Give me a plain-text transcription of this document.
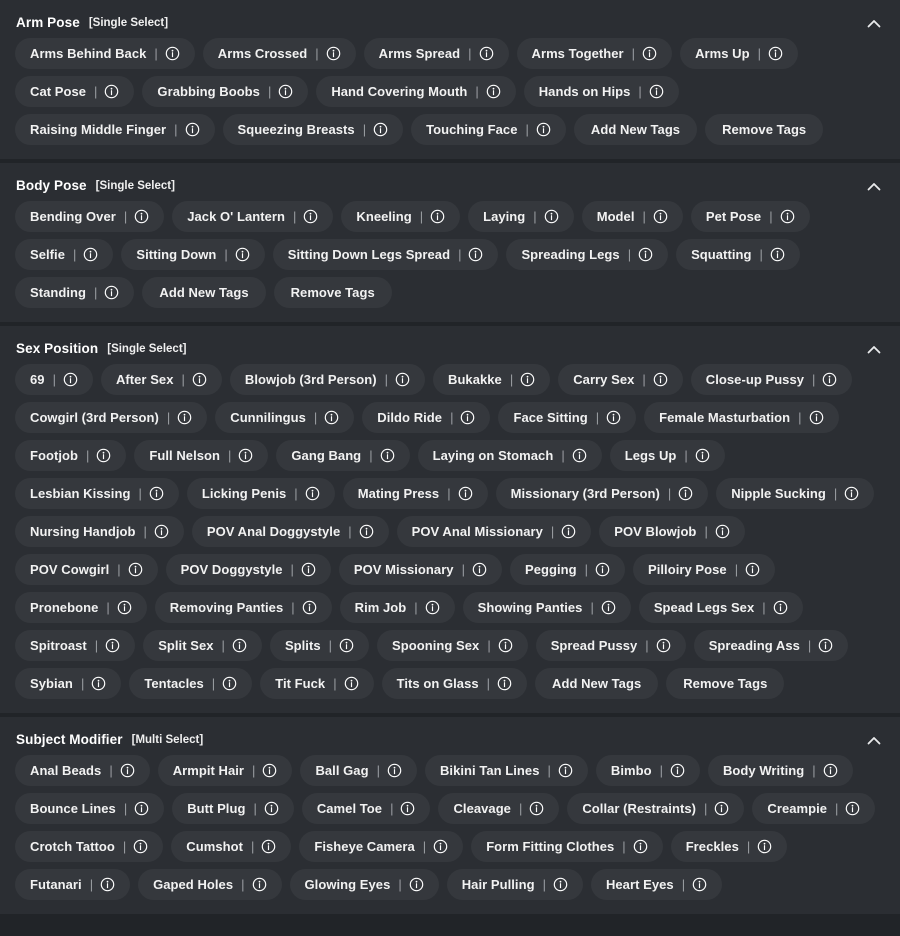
Arm Pose [Single Select]
Arms Behind Back |	Arms Crossed |	Arms Spread |	Arms Together |	Arms Up |
Cat Pose |	Grabbing Boobs |	Hand Covering Mouth |	Hands on Hips |
Raising Middle Finger |	Squeezing Breasts |	Touching Face |	Add New Tags	Remove Tags
Body Pose [Single Select]
Bending Over |	Jack O' Lantern |	Kneeling |	Laying |	Model |	Pet Pose |
Selfie |	Sitting Down |	Sitting Down Legs Spread |	Spreading Legs |	Squatting |
Standing |	Add New Tags	Remove Tags
Sex Position [Single Select]
69 |	After Sex |	Blowjob (3rd Person) |	Bukakke |	Carry Sex |	Close-up Pussy |
Cowgirl (3rd Person) |	Cunnilingus |	Dildo Ride |	Face Sitting |	Female Masturbation |
Footjob |	Full Nelson |	Gang Bang |	Laying on Stomach |	Legs Up |
Lesbian Kissing |	Licking Penis |	Mating Press |	Missionary (3rd Person) |	Nipple Sucking |
Nursing Handjob |	POV Anal Doggystyle |	POV Anal Missionary |	POV Blowjob |
POV Cowgirl |	POV Doggystyle |	POV Missionary |	Pegging |	Pilloiry Pose |
Pronebone |	Removing Panties |	Rim Job |	Showing Panties |	Spead Legs Sex |
Spitroast |	Split Sex |	Splits |	Spooning Sex |	Spread Pussy |	Spreading Ass |
Sybian |	Tentacles |	Tit Fuck |	Tits on Glass |	Add New Tags	Remove Tags
Subject Modifier [Multi Select]
Anal Beads |	Armpit Hair |	Ball Gag |	Bikini Tan Lines |	Bimbo |	Body Writing |
Bounce Lines |	Butt Plug |	Camel Toe |	Cleavage |	Collar (Restraints) |	Creampie |
Crotch Tattoo |	Cumshot |	Fisheye Camera |	Form Fitting Clothes |	Freckles |
Futanari |	Gaped Holes |	Glowing Eyes |	Hair Pulling |	Heart Eyes |
